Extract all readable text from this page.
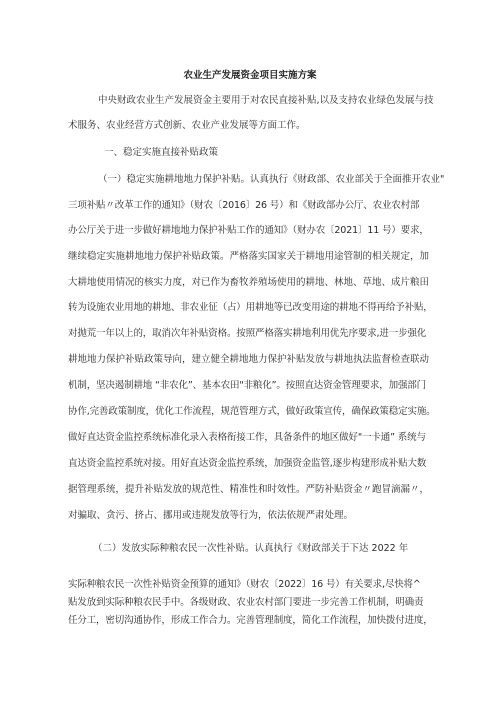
农业生产发展资金项目实施方案
中央财政农业生产发展资金主要用于对农民直接补贴,以及支持农业绿色发展与技
术服务、农业经营方式创新、农业产业发展等方面工作。
一、稳定实施直接补贴政策
（一）稳定实施耕地地力保护补贴。认真执行《财政部、农业部关于全面推开农业"
三项补贴〃改革工作的通知》（财农〔2016〕26 号）和《财政部办公厅、农业农村部
办公厅关于进一步做好耕地地力保护补贴工作的通知》（财办农〔2021〕11 号）要求，
继续稳定实施耕地地力保护补贴政策。严格落实国家关于耕地用途管制的相关规定，加
大耕地使用情况的核实力度，对已作为畜牧养殖场使用的耕地、林地、草地、成片粮田
转为设施农业用地的耕地、非农业征（占）用耕地等已改变用途的耕地不得再给予补贴，
对抛荒一年以上的，取消次年补贴资格。按照严格落实耕地利用优先序要求,进一步强化
耕地地力保护补贴政策导向，建立健全耕地地力保护补贴发放与耕地执法监督检查联动
机制，坚决遏制耕地 “非农化”、基本农田"非粮化”。按照直达资金管理要求，加强部门
协作,完善政策制度，优化工作流程，规范管理方式，做好政策宣传，确保政策稳定实施。
做好直达资金监控系统标准化录入表格衔接工作，具备条件的地区做好"一卡通” 系统与
直达资金监控系统对接。用好直达资金监控系统，加强资金监管,逐步构建形成补贴大数
据管理系统，提升补贴发放的规范性、精准性和时效性。严防补贴资金〃跑冒滴漏〃，
对骗取、贪污、挤占、挪用或违规发放等行为，依法依规严肃处理。
（二）发放实际种粮农民一次性补贴。认真执行《财政部关于下达 2022 年
实际种粮农民一次性补贴资金预算的通知》（财农〔2022〕16 号）有关要求,尽快将^
贴发放到实际种粮农民手中。各级财政、农业农村部门要进一步完善工作机制，明确责
任分工，密切沟通协作，形成工作合力。完善管理制度，简化工作流程，加快拨付进度，
